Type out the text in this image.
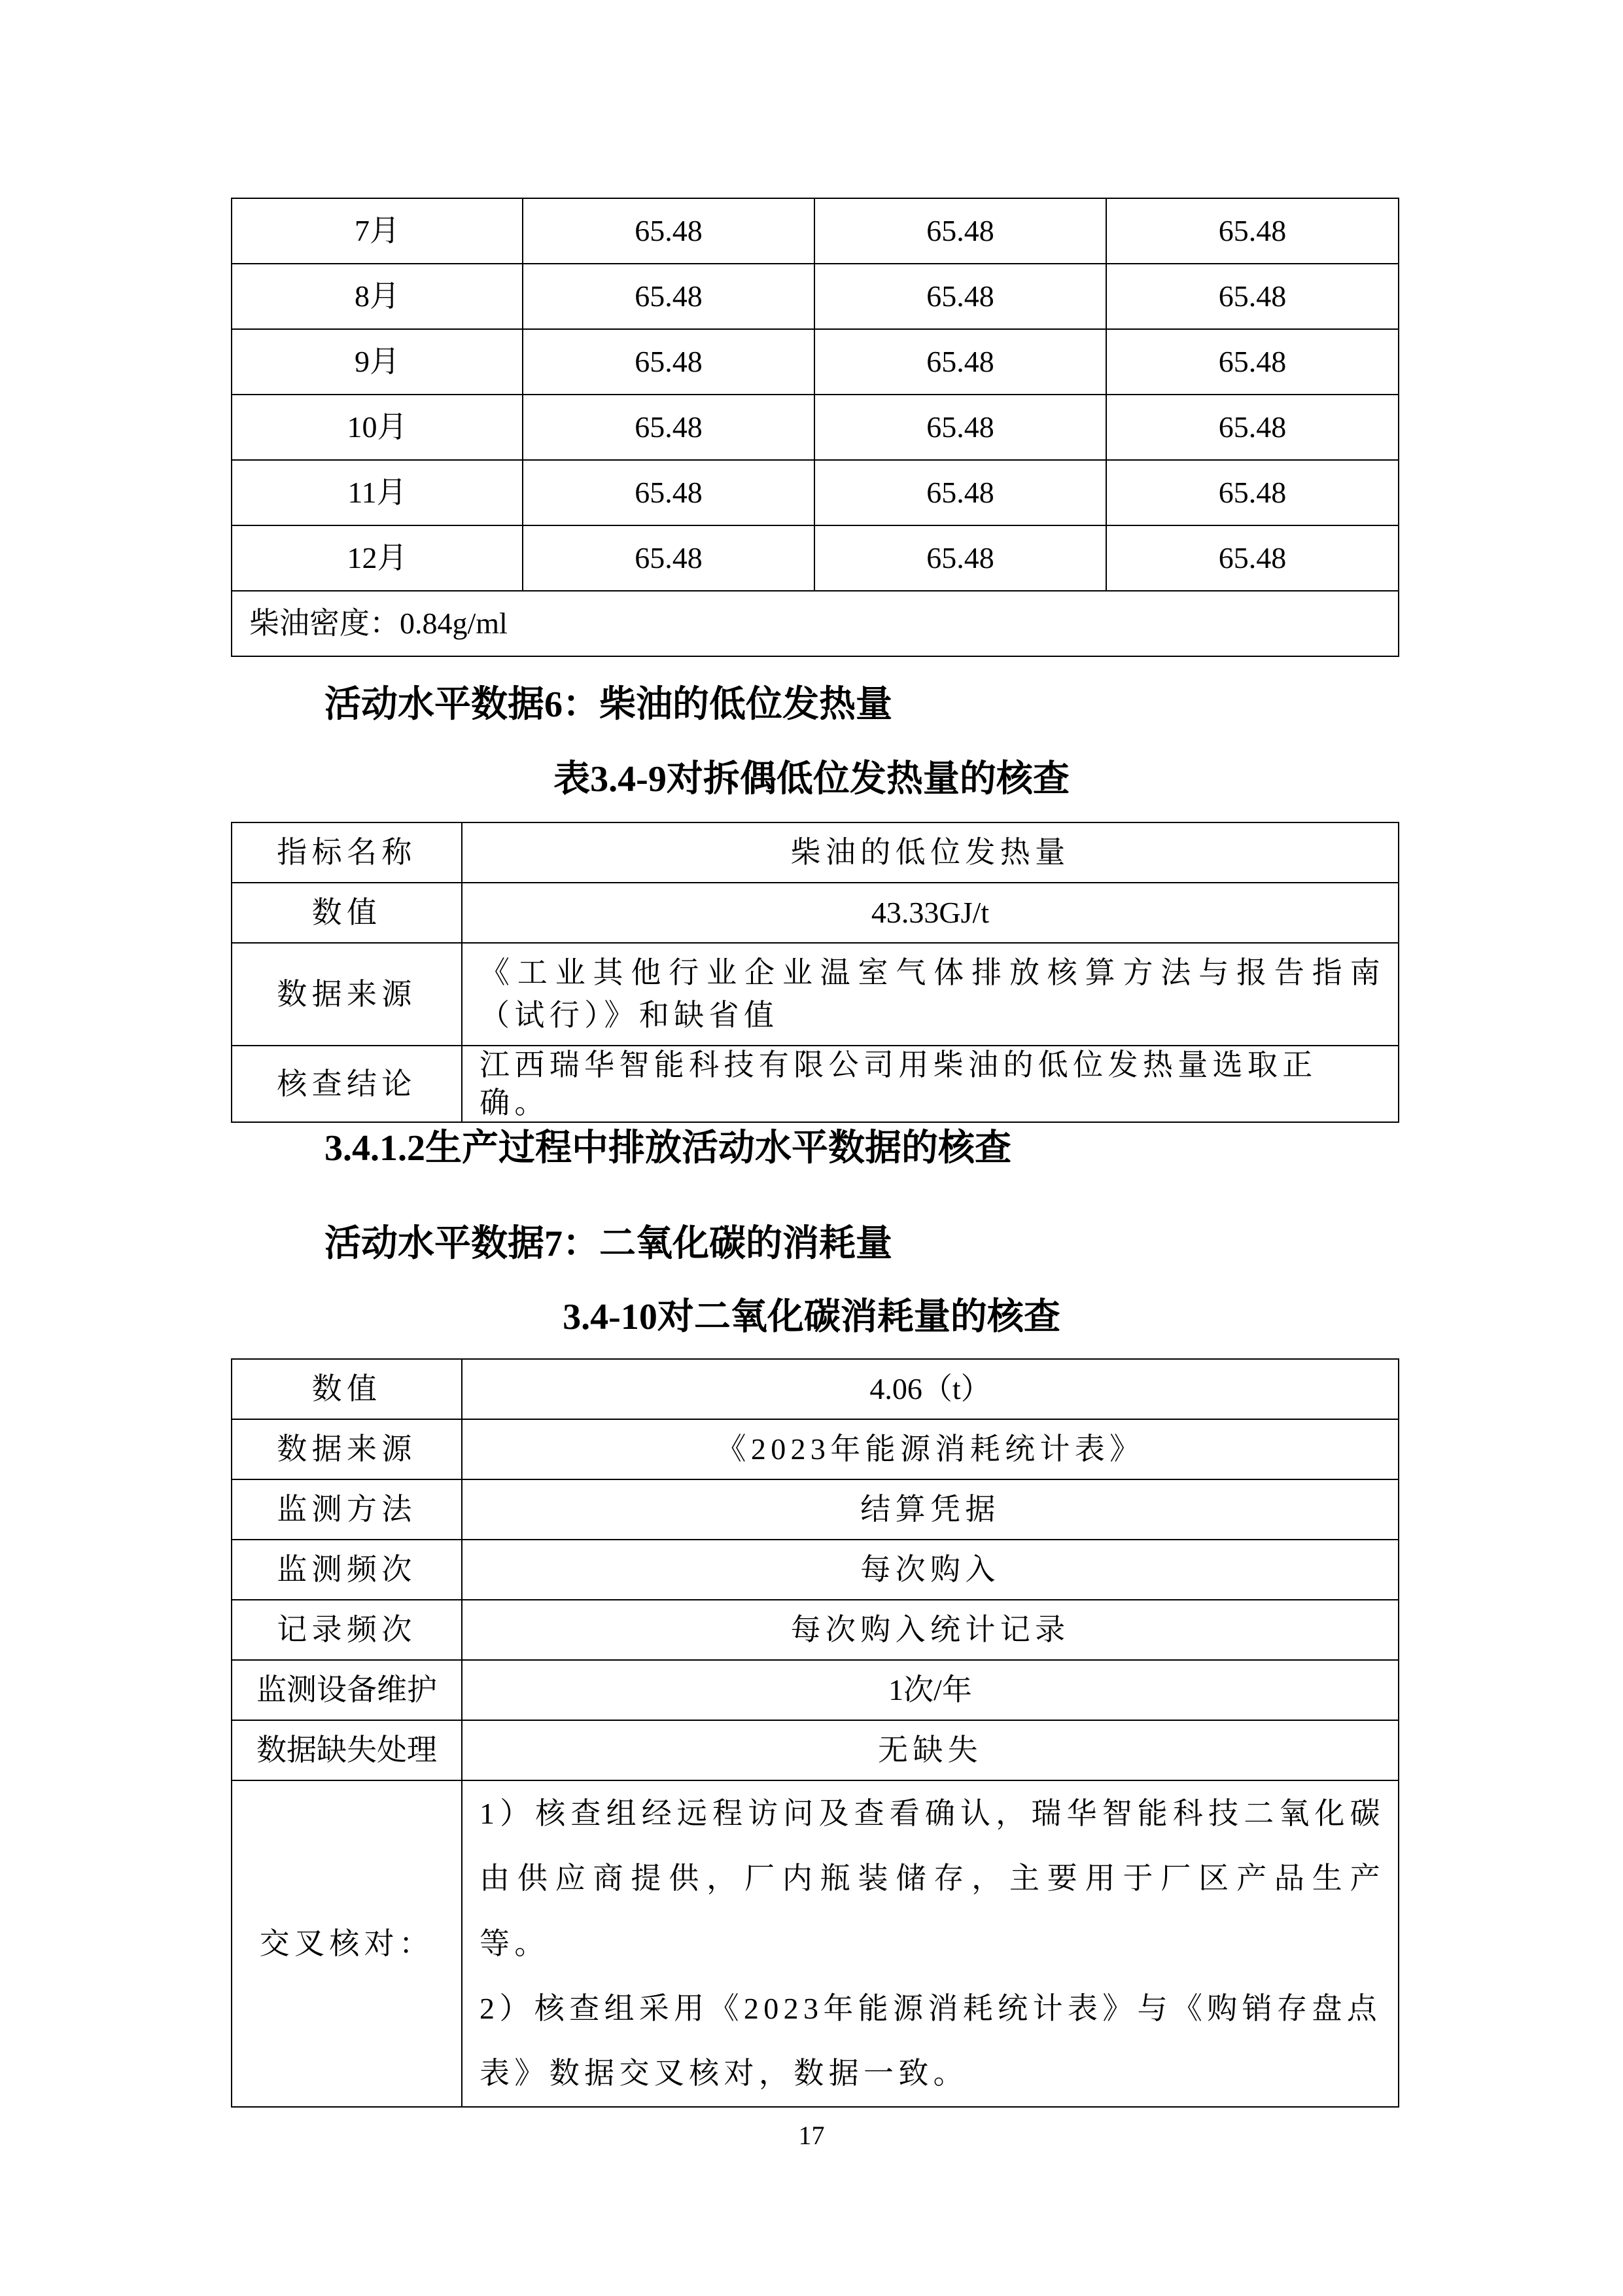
7月	65.48	65.48	65.48
8月	65.48	65.48	65.48
9月	65.48	65.48	65.48
10月	65.48	65.48	65.48
11月	65.48	65.48	65.48
12月	65.48	65.48	65.48
柴油密度：0.84g/ml			
活动水平数据6：柴油的低位发热量
表3.4-9对拆偶低位发热量的核查
指标名称	柴油的低位发热量
数值	43.33GJ/t
数据来源	《工业其他行业企业温室气体排放核算方法与报告指南（试行）》和缺省值
核查结论	江西瑞华智能科技有限公司用柴油的低位发热量选取正确。
3.4.1.2生产过程中排放活动水平数据的核查
活动水平数据7：二氧化碳的消耗量
3.4-10对二氧化碳消耗量的核查
数值	4.06（t）
数据来源	《2023年能源消耗统计表》
监测方法	结算凭据
监测频次	每次购入
记录频次	每次购入统计记录
监测设备维护	1次/年
数据缺失处理	无缺失
交叉核对：	1）核查组经远程访问及查看确认，瑞华智能科技二氧化碳由供应商提供，厂内瓶装储存，主要用于厂区产品生产等。
2）核查组采用《2023年能源消耗统计表》与《购销存盘点表》数据交叉核对，数据一致。
17
